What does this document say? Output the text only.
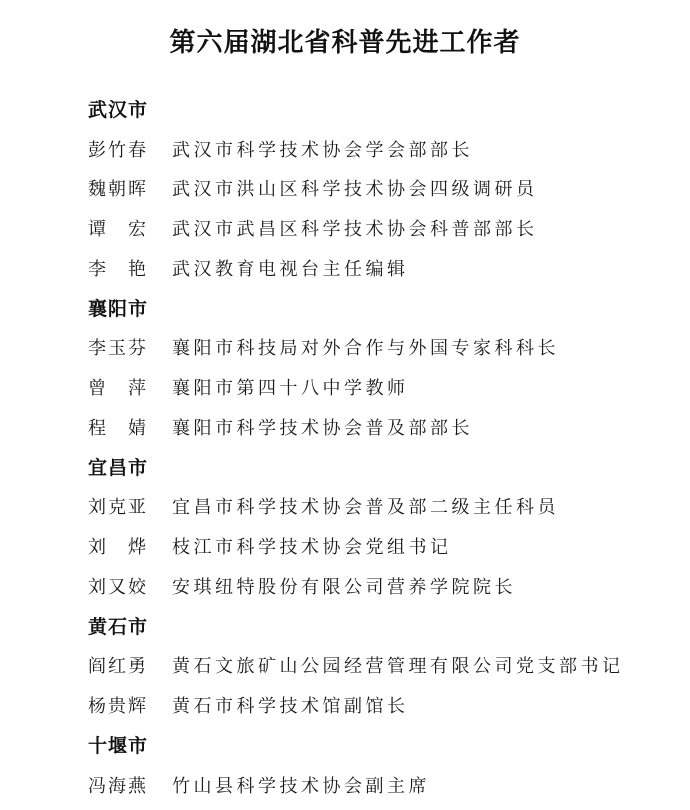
第六届湖北省科普先进工作者
武汉市
彭竹春	武汉市科学技术协会学会部部长
魏朝晖	武汉市洪山区科学技术协会四级调研员
谭宏 武汉市武昌区科学技术协会科普部部长
李艳 武汉教育电视台主任编辑
襄阳市
李玉芬	襄阳市科技局对外合作与外国专家科科长
曾萍 襄阳市第四十八中学教师
程婧 襄阳市科学技术协会普及部部长
宜昌市
刘克亚	宜昌市科学技术协会普及部二级主任科员
刘烨 枝江市科学技术协会党组书记
刘又姣	安琪纽特股份有限公司营养学院院长
黄石市
阎红勇	黄石文旅矿山公园经营管理有限公司党支部书记
杨贵辉	黄石市科学技术馆副馆长
十堰市
冯海燕	竹山县科学技术协会副主席
